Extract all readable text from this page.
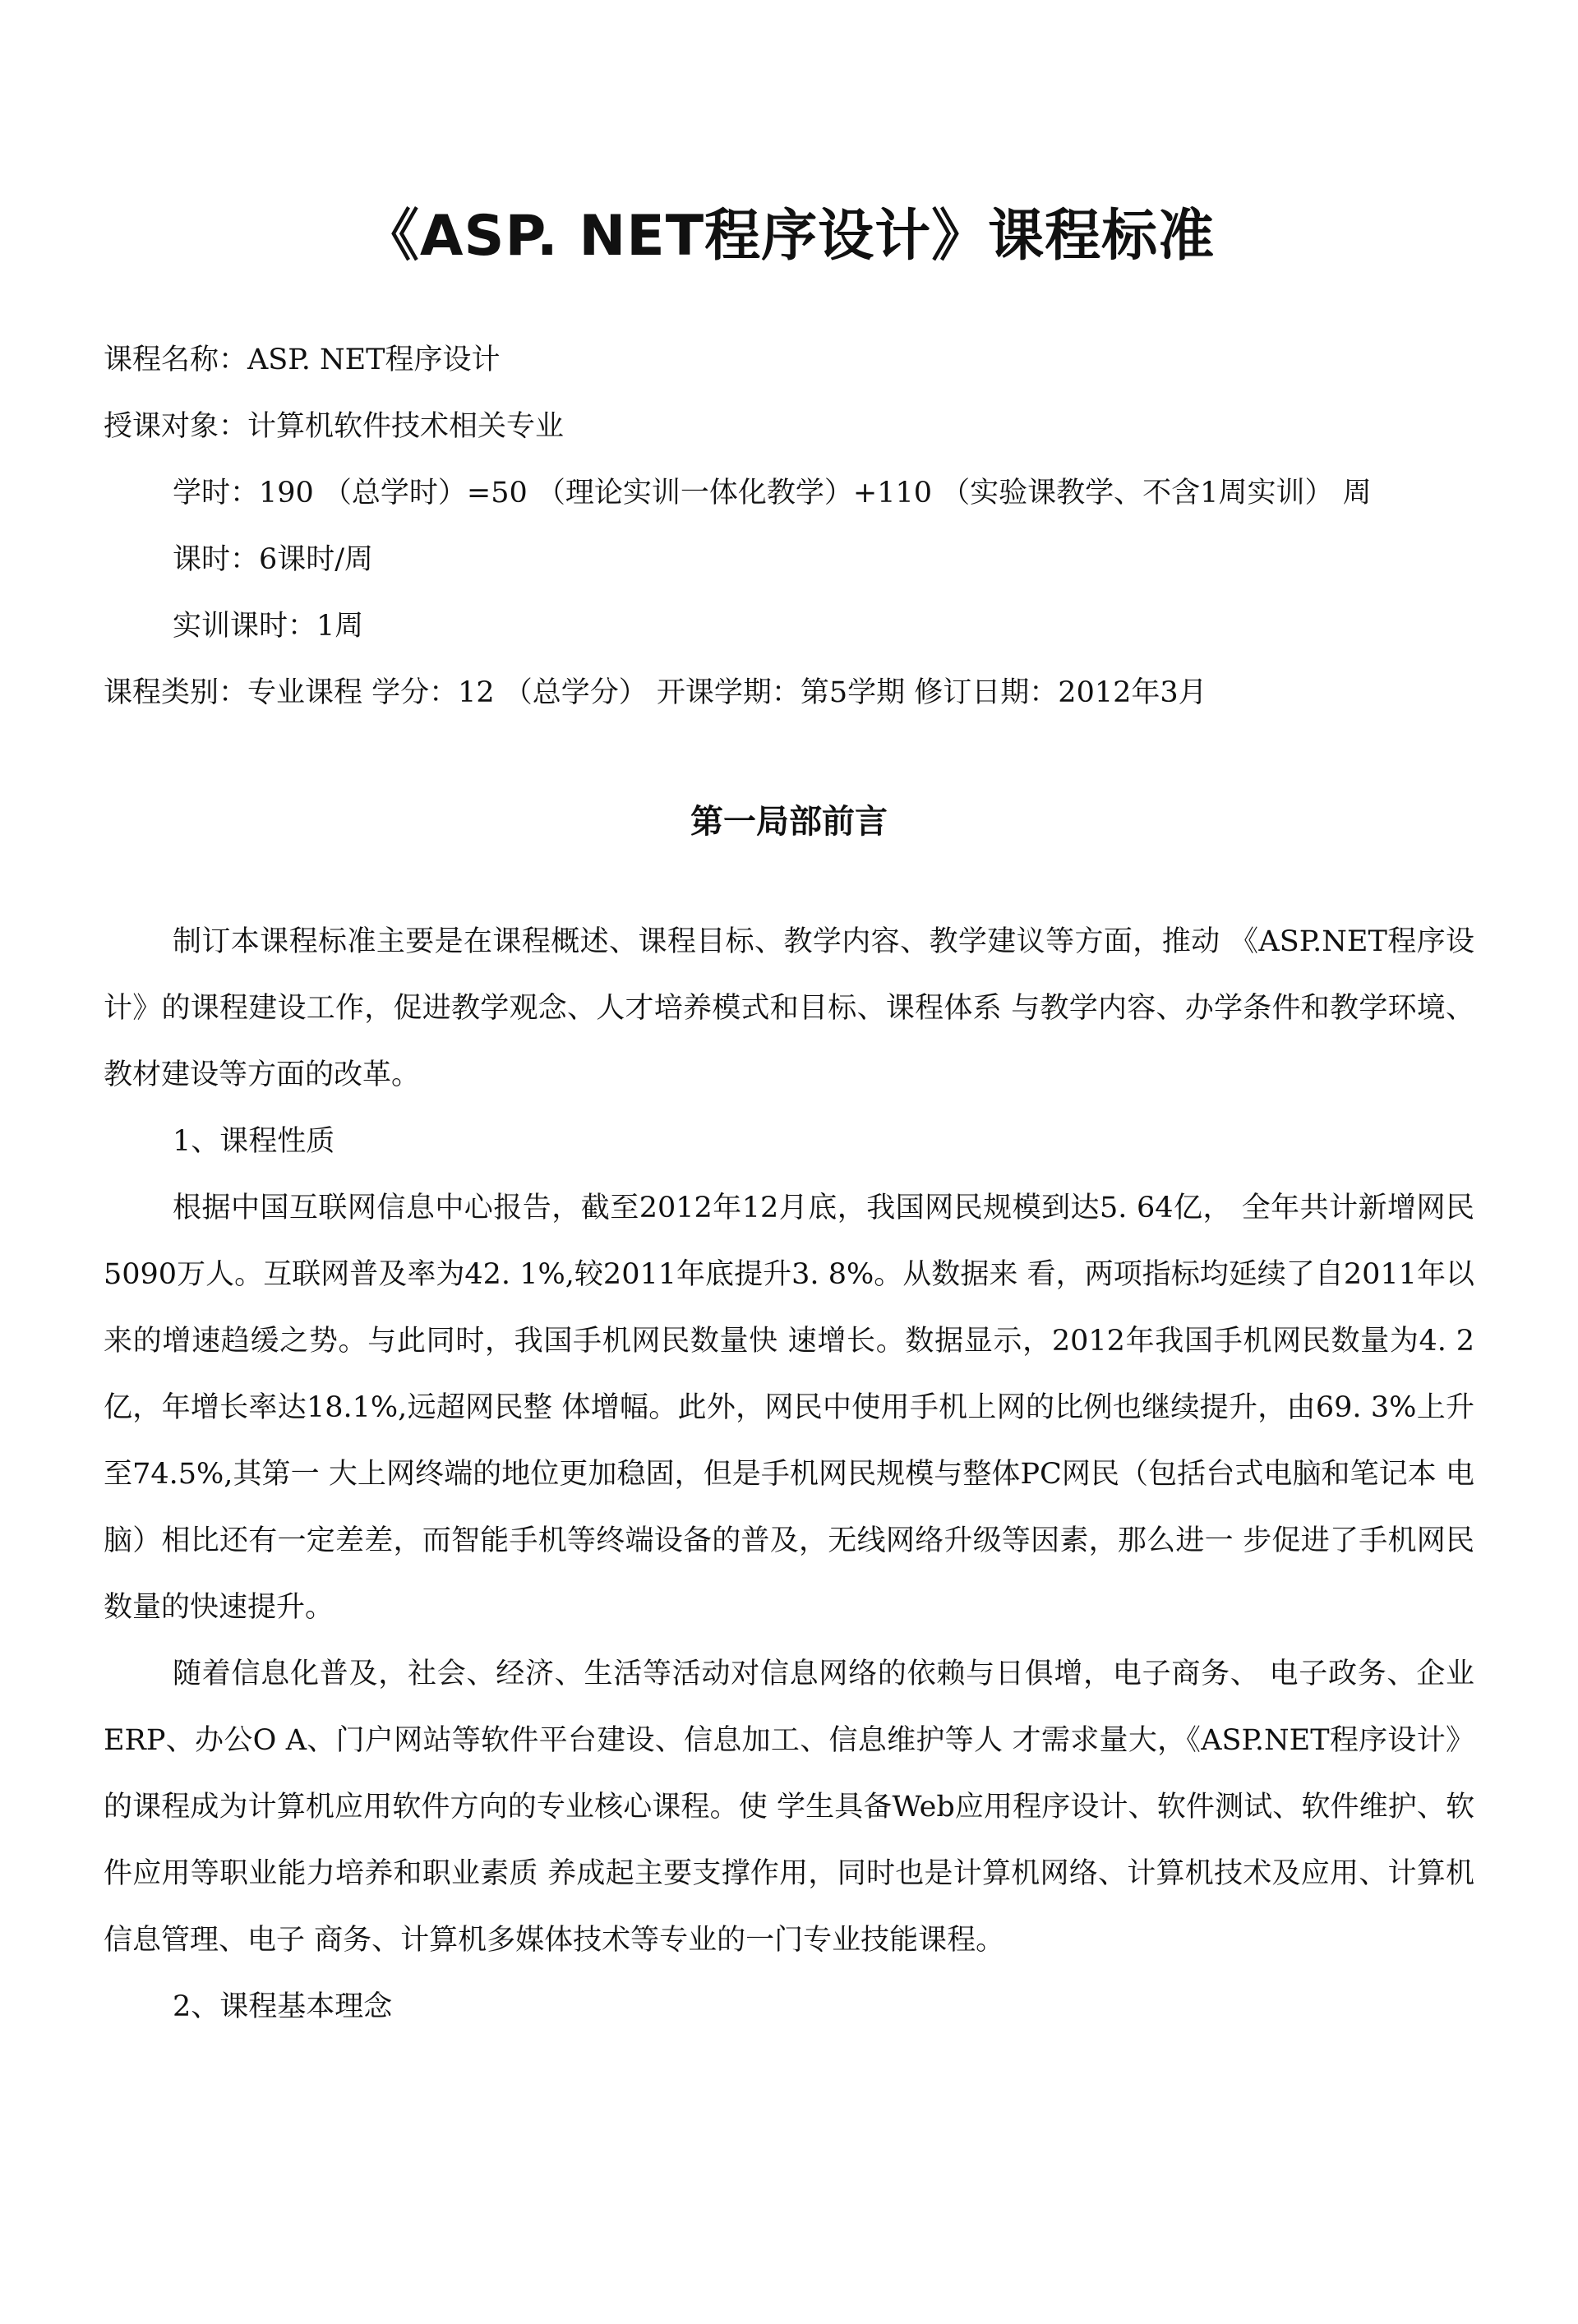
《ASP. NET程序设计》课程标准
课程名称：ASP. NET程序设计
授课对象：计算机软件技术相关专业
学时：190 （总学时）=50 （理论实训一体化教学）+110 （实验课教学、不含1周实训） 周
课时：6课时/周
实训课时：1周
课程类别：专业课程 学分：12 （总学分） 开课学期：第5学期 修订日期：2012年3月
第一局部前言

制订本课程标准主要是在课程概述、课程目标、教学内容、教学建议等方面，推动 《ASP.NET程序设计》的课程建设工作，促进教学观念、人才培养模式和目标、课程体系 与教学内容、办学条件和教学环境、教材建设等方面的改革。

1、课程性质

根据中国互联网信息中心报告，截至2012年12月底，我国网民规模到达5. 64亿， 全年共计新增网民5090万人。互联网普及率为42. 1%,较2011年底提升3. 8%。从数据来 看，两项指标均延续了自2011年以来的增速趋缓之势。与此同时，我国手机网民数量快 速增长。数据显示，2012年我国手机网民数量为4. 2亿，年增长率达18.1%,远超网民整 体增幅。此外，网民中使用手机上网的比例也继续提升，由69. 3%上升至74.5%,其第一 大上网终端的地位更加稳固，但是手机网民规模与整体PC网民（包括台式电脑和笔记本 电脑）相比还有一定差差，而智能手机等终端设备的普及，无线网络升级等因素，那么进一 步促进了手机网民数量的快速提升。

随着信息化普及，社会、经济、生活等活动对信息网络的依赖与日俱增，电子商务、 电子政务、企业ERP、办公O A、门户网站等软件平台建设、信息加工、信息维护等人 才需求量大，《ASP.NET程序设计》的课程成为计算机应用软件方向的专业核心课程。使 学生具备Web应用程序设计、软件测试、软件维护、软件应用等职业能力培养和职业素质 养成起主要支撑作用，同时也是计算机网络、计算机技术及应用、计算机信息管理、电子 商务、计算机多媒体技术等专业的一门专业技能课程。

2、课程基本理念
